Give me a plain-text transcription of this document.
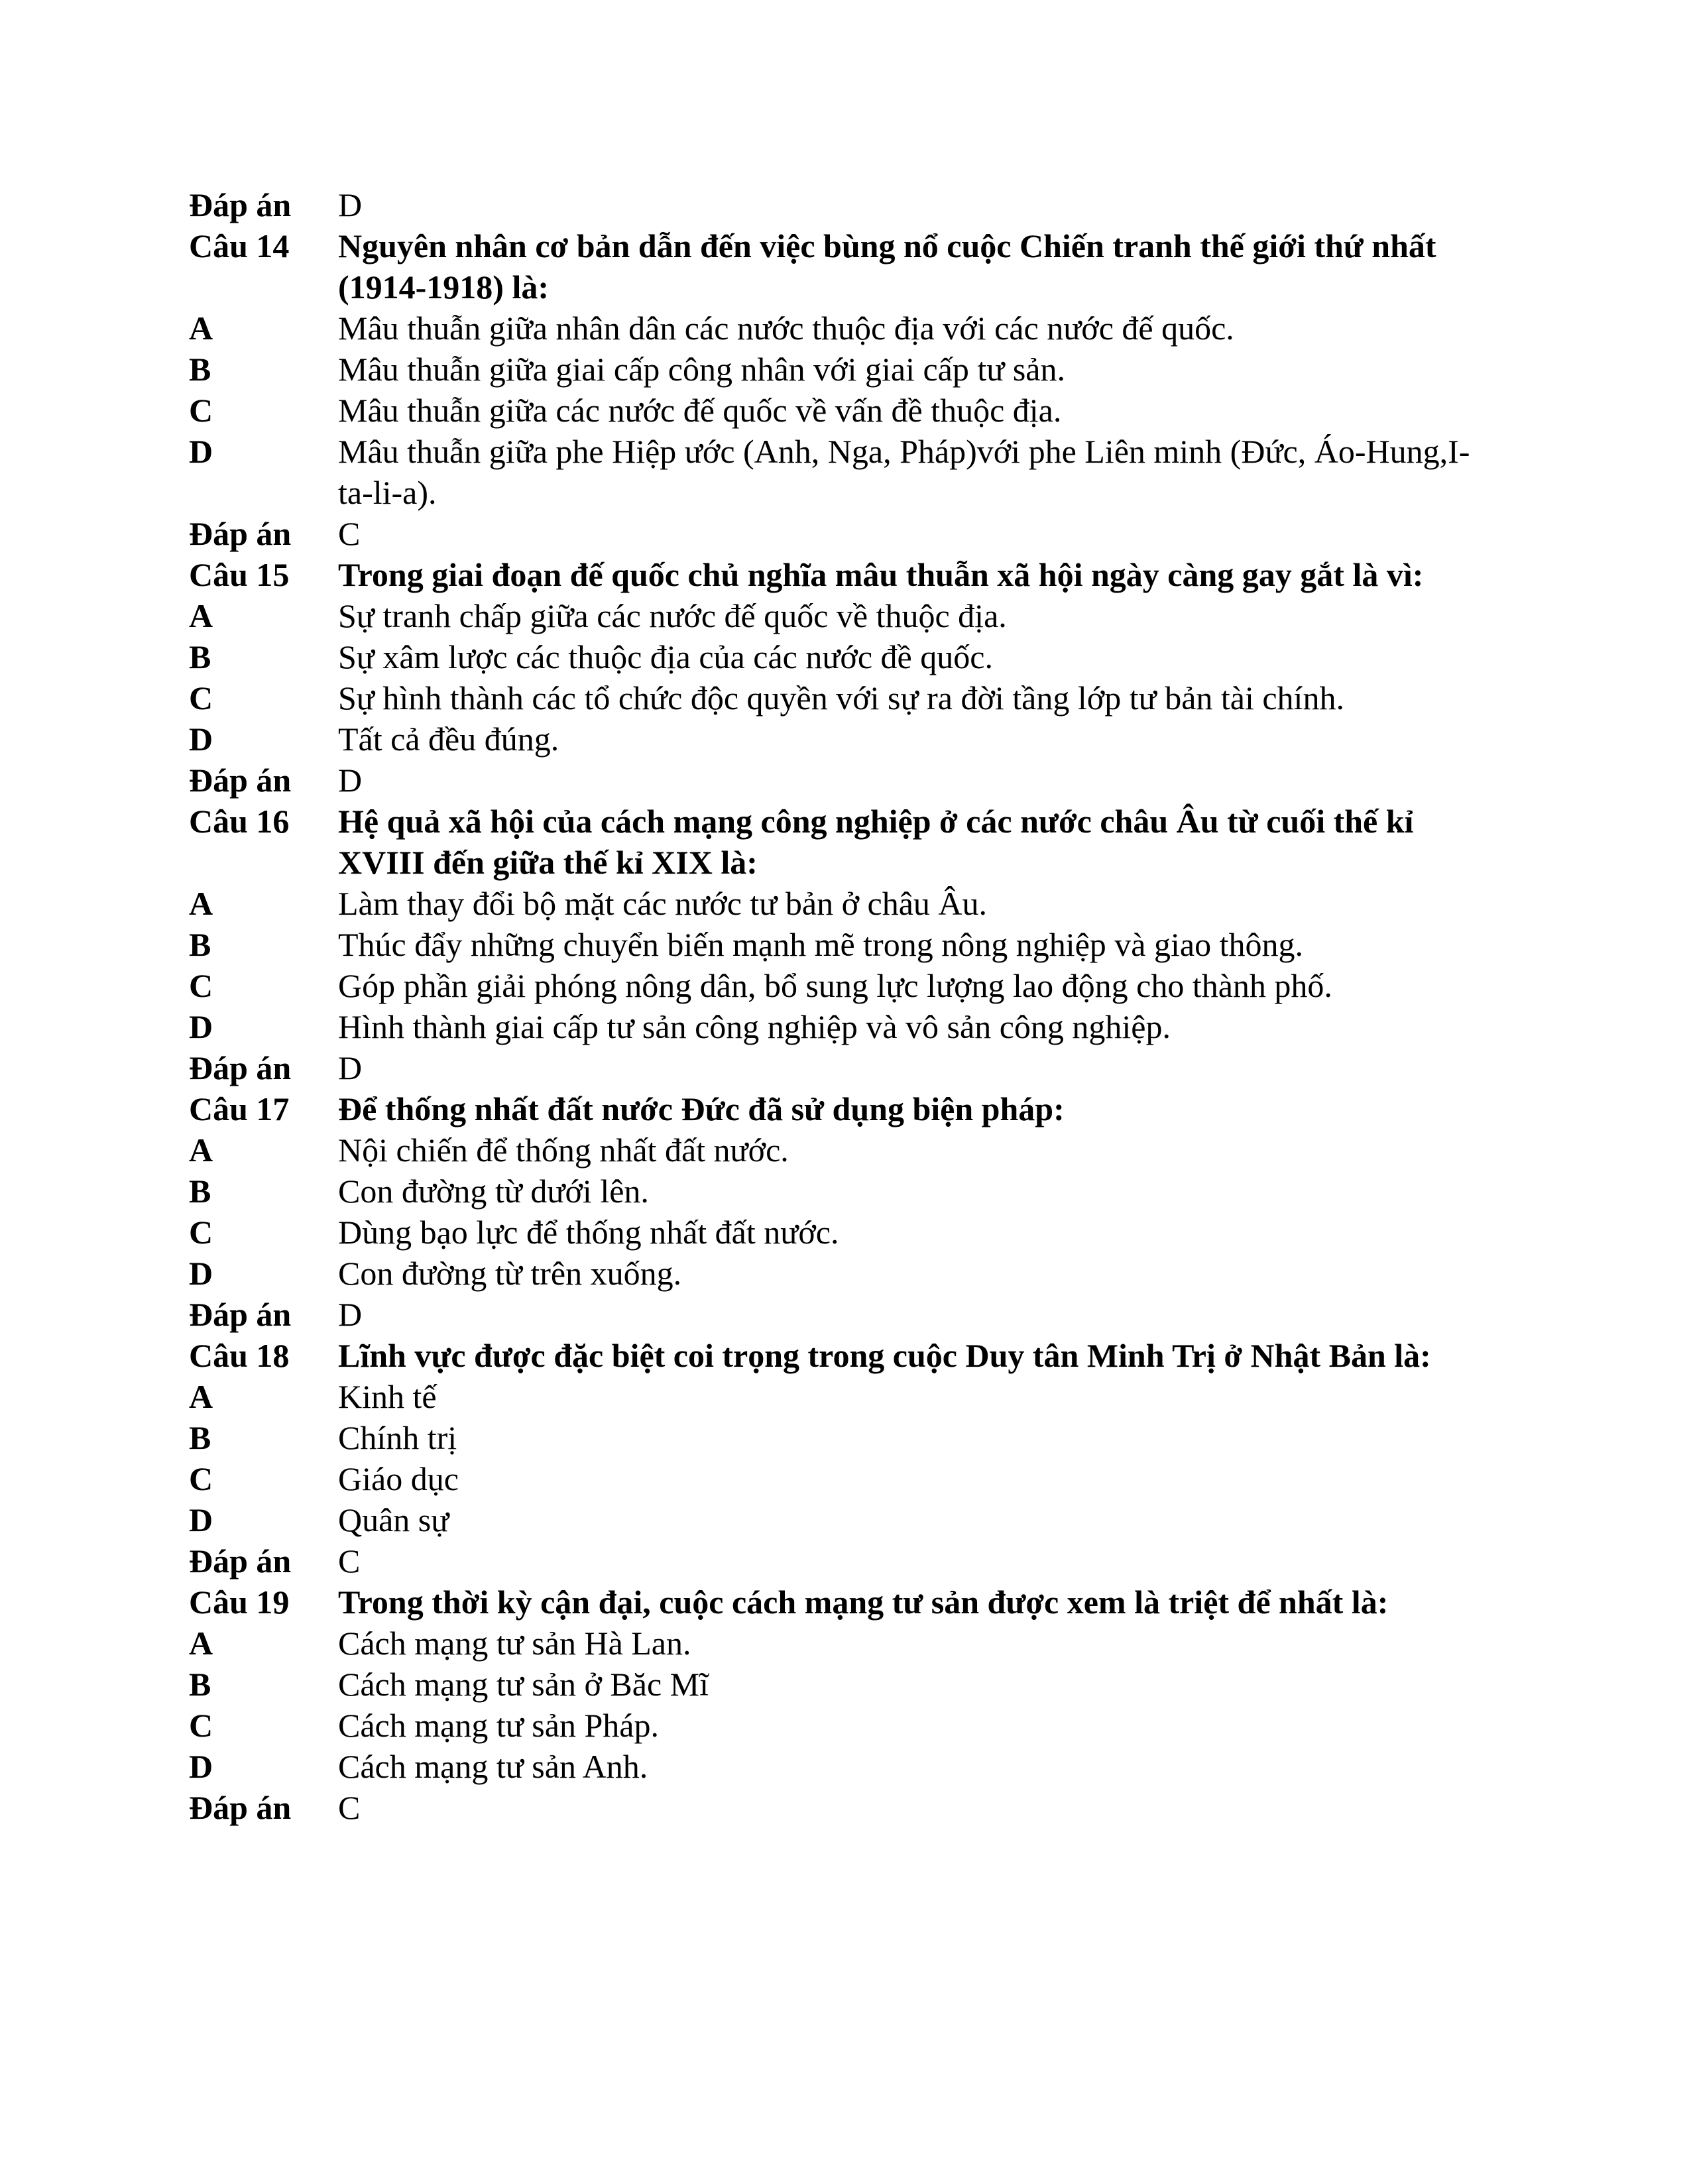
Đáp án	D
Câu 14	Nguyên nhân cơ bản dẫn đến việc bùng nổ cuộc Chiến tranh thế giới thứ nhất (1914-1918) là:
A	Mâu thuẫn giữa nhân dân các nước thuộc địa với các nước đế quốc.
B	Mâu thuẫn giữa giai cấp công nhân với giai cấp tư sản.
C	Mâu thuẫn giữa các nước đế quốc về vấn đề thuộc địa.
D	Mâu thuẫn giữa phe Hiệp ước (Anh, Nga, Pháp)với phe Liên minh (Đức, Áo-Hung,I-ta-li-a).
Đáp án	C
Câu 15	Trong giai đoạn đế quốc chủ nghĩa mâu thuẫn xã hội ngày càng gay gắt là vì:
A	Sự tranh chấp giữa các nước đế quốc về thuộc địa.
B	Sự xâm lược các thuộc địa của các nước đề quốc.
C	Sự hình thành các tổ chức độc quyền với sự ra đời tầng lớp tư bản tài chính.
D	Tất cả đều đúng.
Đáp án	D
Câu 16	Hệ quả xã hội của cách mạng công nghiệp ở các nước châu Âu từ cuối thế kỉ XVIII đến giữa thế kỉ XIX là:
A	Làm thay đổi bộ mặt các nước tư bản ở châu Âu.
B	Thúc đẩy những chuyển biến mạnh mẽ trong nông nghiệp và giao thông.
C	Góp phần giải phóng nông dân, bổ sung lực lượng lao động cho thành phố.
D	Hình thành giai cấp tư sản công nghiệp và vô sản công nghiệp.
Đáp án	D
Câu 17	Để thống nhất đất nước Đức đã sử dụng biện pháp:
A	Nội chiến để thống nhất đất nước.
B	Con đường từ dưới lên.
C	Dùng bạo lực để thống nhất đất nước.
D	Con đường từ trên xuống.
Đáp án	D
Câu 18	Lĩnh vực được đặc biệt coi trọng trong cuộc Duy tân Minh Trị ở Nhật Bản là:
A	Kinh tế
B	Chính trị
C	Giáo dục
D	Quân sự
Đáp án	C
Câu 19	Trong thời kỳ cận đại, cuộc cách mạng tư sản được xem là triệt để nhất là:
A	Cách mạng tư sản Hà Lan.
B	Cách mạng tư sản ở Băc Mĩ
C	Cách mạng tư sản Pháp.
D	Cách mạng tư sản Anh.
Đáp án	C
